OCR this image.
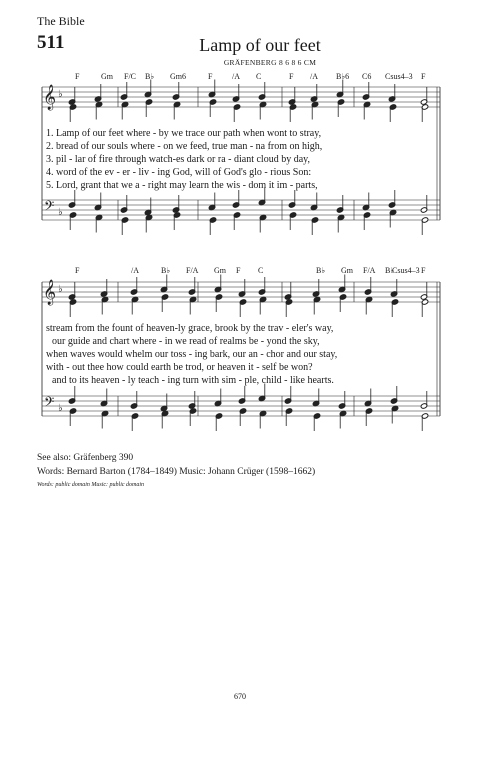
The Bible
511	Lamp of our feet
GRÄFENBERG 8 6 8 6 CM
F	Gm F/C B♭ Gm6	F /A C	F /A B♭6 C6 Csus4–3 F
1. Lamp of our feet where - by we trace our path when wont to stray,
2. bread of our souls where - on we feed, true man - na from on high,
3. pil - lar of fire through watch-es dark or ra - diant cloud by day,
4. word of the ev - er - liv - ing God, will of God's glo - rious Son:
5. Lord, grant that we a - right may learn the wis - dom it im - parts,
F	/A	B♭ F/A Gm F C	B♭ Gm F/A B♭
Csus4–3 F
stream from the fount of heaven-ly grace, brook by the trav - eler's way,
our guide and chart where - in we read of realms be - yond the sky,
when waves would whelm our toss - ing bark, our an - chor and our stay,
with - out thee how could earth be trod, or heaven it - self be won?
and to its heaven - ly teach - ing turn with sim - ple, child - like hearts.
𝄞
𝄢
♭
♭
𝄞
𝄢
♭
♭
See also: Gräfenberg 390
Words: Bernard Barton (1784–1849) Music: Johann Crüger (1598–1662)
Words: public domain Music: public domain
670
